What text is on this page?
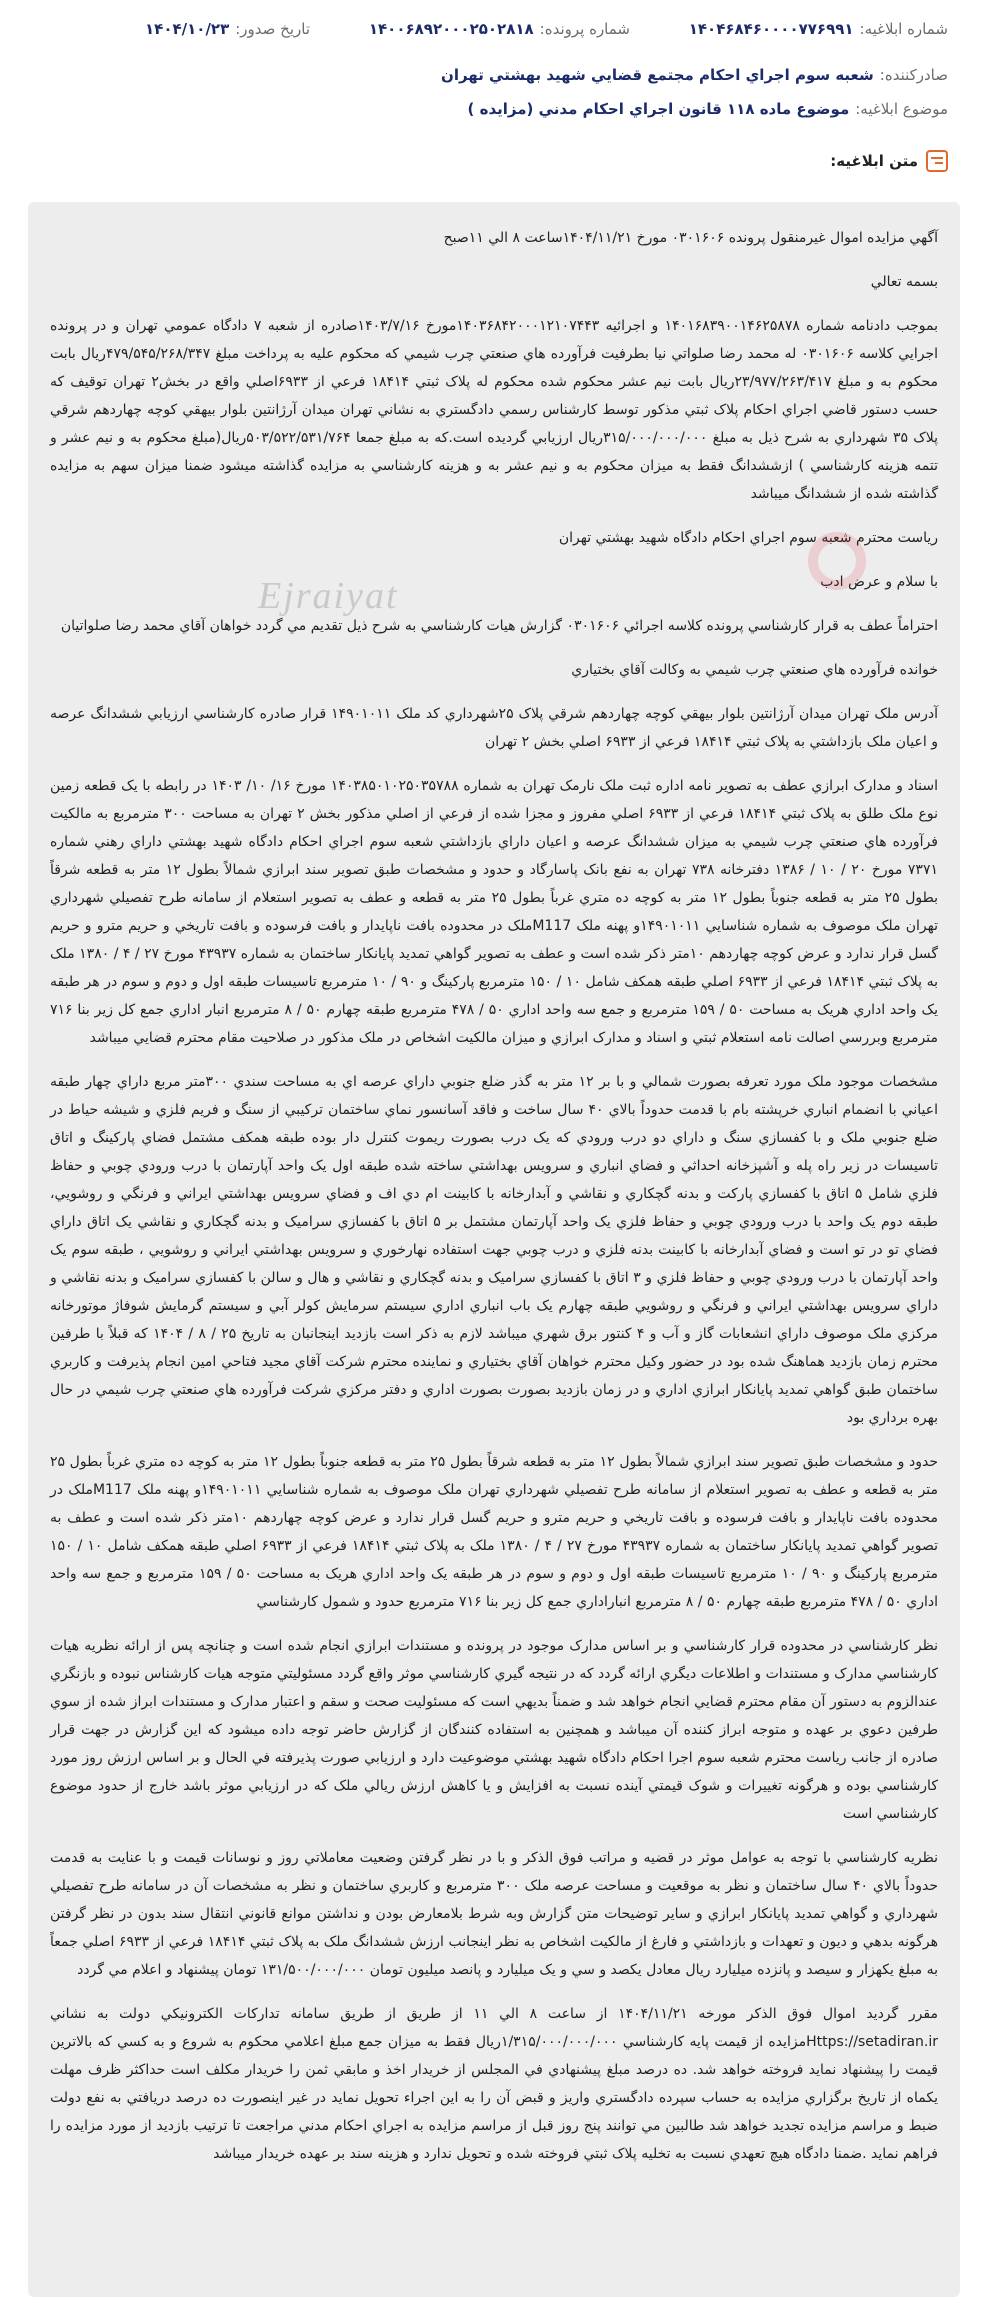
شماره ابلاغيه:
۱۴۰۴۶۸۴۶۰۰۰۰۷۷۶۹۹۱
شماره پرونده:
۱۴۰۰۶۸۹۲۰۰۰۲۵۰۲۸۱۸
تاريخ صدور:
۱۴۰۴/۱۰/۲۳
صادرکننده:
شعبه سوم اجراي احکام مجتمع قضايي شهيد بهشتي تهران
موضوع ابلاغيه:
موضوع ماده ۱۱۸ قانون اجراي احکام مدني (مزايده )
متن ابلاغيه:
Ejraiyat

آگهي مزايده اموال غيرمنقول پرونده ۰۳۰۱۶۰۶ مورخ ۱۴۰۴/۱۱/۲۱ساعت ۸ الي ۱۱صبح

بسمه تعالي

بموجب دادنامه شماره ۱۴۰۱۶۸۳۹۰۰۱۴۶۲۵۸۷۸ و اجرائيه ۱۴۰۳۶۸۴۲۰۰۰۱۲۱۰۷۴۴۳مورخ ۱۴۰۳/۷/۱۶صادره از شعبه ۷ دادگاه عمومي تهران و در پرونده اجرايي کلاسه ۰۳۰۱۶۰۶ له محمد رضا صلواتي نيا بطرفيت فرآورده هاي صنعتي چرب شيمي که محکوم عليه به پرداخت مبلغ ۴۷۹/۵۴۵/۲۶۸/۳۴۷ريال بابت محکوم به و مبلغ ۲۳/۹۷۷/۲۶۳/۴۱۷ريال بابت نيم عشر محکوم شده محکوم له پلاک ثبتي ۱۸۴۱۴ فرعي از ۶۹۳۳اصلي واقع در بخش۲ تهران توقيف که حسب دستور قاضي اجراي احکام پلاک ثبتي مذکور توسط کارشناس رسمي دادگستري به نشاني تهران ميدان آرژانتين بلوار بيهقي کوچه چهاردهم شرقي پلاک ۳۵ شهرداري به شرح ذيل به مبلغ ۳۱۵/۰۰۰/۰۰۰/۰۰۰ريال ارزيابي گرديده است.که به مبلغ جمعا ۵۰۳/۵۲۲/۵۳۱/۷۶۴ريال(مبلغ محکوم به و نيم عشر و تتمه هزينه کارشناسي ) ازششدانگ فقط به ميزان محکوم به و نيم عشر به و هزينه کارشناسي به مزايده گذاشته ميشود ضمنا ميزان سهم به مزايده گذاشته شده از ششدانگ ميباشد

رياست محترم شعبه سوم اجراي احکام دادگاه شهيد بهشتي تهران

با سلام و عرض ادب

احتراماً عطف به قرار کارشناسي پرونده کلاسه اجرائي ۰۳۰۱۶۰۶ گزارش هيات کارشناسي به شرح ذيل تقديم مي گردد خواهان آقاي محمد رضا صلواتيان

خوانده فرآورده هاي صنعتي چرب شيمي به وکالت آقاي بختياري

آدرس ملک تهران ميدان آرژانتين بلوار بيهقي کوچه چهاردهم شرقي پلاک ۲۵شهرداري کد ملک ۱۴۹۰۱۰۱۱ قرار صادره کارشناسي ارزيابي ششدانگ عرصه و اعيان ملک بازداشتي به پلاک ثبتي ۱۸۴۱۴ فرعي از ۶۹۳۳ اصلي بخش ۲ تهران

اسناد و مدارک ابرازي عطف به تصوير نامه اداره ثبت ملک نارمک تهران به شماره ۱۴۰۳۸۵۰۱۰۲۵۰۳۵۷۸۸ مورخ ۱۶/ ۱۰/ ۱۴۰۳ در رابطه با يک قطعه زمين نوع ملک طلق به پلاک ثبتي ۱۸۴۱۴ فرعي از ۶۹۳۳ اصلي مفروز و مجزا شده از فرعي از اصلي مذکور بخش ۲ تهران به مساحت ۳۰۰ مترمربع به مالکيت فرآورده هاي صنعتي چرب شيمي به ميزان ششدانگ عرصه و اعيان داراي بازداشتي شعبه سوم اجراي احکام دادگاه شهيد بهشتي داراي رهني شماره ۷۳۷۱ مورخ ۲۰ / ۱۰ / ۱۳۸۶ دفترخانه ۷۳۸ تهران به نفع بانک پاسارگاد و حدود و مشخصات طبق تصوير سند ابرازي شمالاً بطول ۱۲ متر به قطعه شرقاً بطول ۲۵ متر به قطعه جنوباً بطول ۱۲ متر به کوچه ده متري غرباً بطول ۲۵ متر به قطعه و عطف به تصوير استعلام از سامانه طرح تفصيلي شهرداري تهران ملک موصوف به شماره شناسايي ۱۴۹۰۱۰۱۱و پهنه ملک M117ملک در محدوده بافت ناپايدار و بافت فرسوده و بافت تاريخي و حريم مترو و حريم گسل قرار ندارد و عرض کوچه چهاردهم ۱۰متر ذکر شده است و عطف به تصوير گواهي تمديد پايانکار ساختمان به شماره ۴۳۹۳۷ مورخ ۲۷ / ۴ / ۱۳۸۰ ملک به پلاک ثبتي ۱۸۴۱۴ فرعي از ۶۹۳۳ اصلي طبقه همکف شامل ۱۰ / ۱۵۰ مترمربع پارکينگ و ۹۰ / ۱۰ مترمربع تاسيسات طبقه اول و دوم و سوم در هر طبقه يک واحد اداري هريک به مساحت ۵۰ / ۱۵۹ مترمربع و جمع سه واحد اداري ۵۰ / ۴۷۸ مترمربع طبقه چهارم ۵۰ / ۸ مترمربع انبار اداري جمع کل زير بنا ۷۱۶ مترمربع وبررسي اصالت نامه استعلام ثبتي و اسناد و مدارک ابرازي و ميزان مالکيت اشخاص در ملک مذکور در صلاحيت مقام محترم قضايي ميباشد

مشخصات موجود ملک مورد تعرفه بصورت شمالي و با بر ۱۲ متر به گذر ضلع جنوبي داراي عرصه اي به مساحت سندي ۳۰۰متر مربع داراي چهار طبقه اعياني با انضمام انباري خرپشته بام با قدمت حدوداً بالاي ۴۰ سال ساخت و فاقد آسانسور نماي ساختمان ترکيبي از سنگ و فريم فلزي و شيشه حياط در ضلع جنوبي ملک و با کفسازي سنگ و داراي دو درب ورودي که يک درب بصورت ريموت کنترل دار بوده طبقه همکف مشتمل فضاي پارکينگ و اتاق تاسيسات در زير راه پله و آشپزخانه احداثي و فضاي انباري و سرويس بهداشتي ساخته شده طبقه اول يک واحد آپارتمان با درب ورودي چوبي و حفاظ فلزي شامل ۵ اتاق با کفسازي پارکت و بدنه گچکاري و نقاشي و آبدارخانه با کابينت ام دي اف و فضاي سرويس بهداشتي ايراني و فرنگي و روشويي، طبقه دوم يک واحد با درب ورودي چوبي و حفاظ فلزي يک واحد آپارتمان مشتمل بر ۵ اتاق با کفسازي سراميک و بدنه گچکاري و نقاشي يک اتاق داراي فضاي تو در تو است و فضاي آبدارخانه با کابينت بدنه فلزي و درب چوبي جهت استفاده نهارخوري و سرويس بهداشتي ايراني و روشويي ، طبقه سوم يک واحد آپارتمان با درب ورودي چوبي و حفاظ فلزي و ۳ اتاق با کفسازي سراميک و بدنه گچکاري و نقاشي و هال و سالن با کفسازي سراميک و بدنه نقاشي و داراي سرويس بهداشتي ايراني و فرنگي و روشويي طبقه چهارم يک باب انباري اداري سيستم سرمايش کولر آبي و سيستم گرمايش شوفاژ موتورخانه مرکزي ملک موصوف داراي انشعابات گاز و آب و ۴ کنتور برق شهري ميباشد لازم به ذکر است بازديد اينجانبان به تاريخ ۲۵ / ۸ / ۱۴۰۴ که قبلاً با طرفين محترم زمان بازديد هماهنگ شده بود در حضور وکيل محترم خواهان آقاي بختياري و نماينده محترم شرکت آقاي مجيد فتاحي امين انجام پذيرفت و کاربري ساختمان طبق گواهي تمديد پايانکار ابرازي اداري و در زمان بازديد بصورت بصورت اداري و دفتر مرکزي شرکت فرآورده هاي صنعتي چرب شيمي در حال بهره برداري بود

حدود و مشخصات طبق تصوير سند ابرازي شمالاً بطول ۱۲ متر به قطعه شرقاً بطول ۲۵ متر به قطعه جنوباً بطول ۱۲ متر به کوچه ده متري غرباً بطول ۲۵ متر به قطعه و عطف به تصوير استعلام از سامانه طرح تفصيلي شهرداري تهران ملک موصوف به شماره شناسايي ۱۴۹۰۱۰۱۱و پهنه ملک M117ملک در محدوده بافت ناپايدار و بافت فرسوده و بافت تاريخي و حريم مترو و حريم گسل قرار ندارد و عرض کوچه چهاردهم ۱۰متر ذکر شده است و عطف به تصوير گواهي تمديد پايانکار ساختمان به شماره ۴۳۹۳۷ مورخ ۲۷ / ۴ / ۱۳۸۰ ملک به پلاک ثبتي ۱۸۴۱۴ فرعي از ۶۹۳۳ اصلي طبقه همکف شامل ۱۰ / ۱۵۰ مترمربع پارکينگ و ۹۰ / ۱۰ مترمربع تاسيسات طبقه اول و دوم و سوم در هر طبقه يک واحد اداري هريک به مساحت ۵۰ / ۱۵۹ مترمربع و جمع سه واحد اداري ۵۰ / ۴۷۸ مترمربع طبقه چهارم ۵۰ / ۸ مترمربع انباراداري جمع کل زير بنا ۷۱۶ مترمربع حدود و شمول کارشناسي

نظر کارشناسي در محدوده قرار کارشناسي و بر اساس مدارک موجود در پرونده و مستندات ابرازي انجام شده است و چنانچه پس از ارائه نظريه هيات کارشناسي مدارک و مستندات و اطلاعات ديگري ارائه گردد که در نتيجه گيري کارشناسي موثر واقع گردد مسئوليتي متوجه هيات کارشناس نبوده و بازنگري عندالزوم به دستور آن مقام محترم قضايي انجام خواهد شد و ضمناً بديهي است که مسئوليت صحت و سقم و اعتبار مدارک و مستندات ابراز شده از سوي طرفين دعوي بر عهده و متوجه ابراز کننده آن ميباشد و همچنين به استفاده کنندگان از گزارش حاضر توجه داده ميشود که اين گزارش در جهت قرار صادره از جانب رياست محترم شعبه سوم اجرا احکام دادگاه شهيد بهشتي موضوعيت دارد و ارزيابي صورت پذيرفته في الحال و بر اساس ارزش روز مورد کارشناسي بوده و هرگونه تغييرات و شوک قيمتي آينده نسبت به افزايش و يا کاهش ارزش ريالي ملک که در ارزيابي موثر باشد خارج از حدود موضوع کارشناسي است

نظريه کارشناسي با توجه به عوامل موثر در قضيه و مراتب فوق الذکر و با در نظر گرفتن وضعيت معاملاتي روز و نوسانات قيمت و با عنايت به قدمت حدوداً بالاي ۴۰ سال ساختمان و نظر به موقعيت و مساحت عرصه ملک ۳۰۰ مترمربع و کاربري ساختمان و نظر به مشخصات آن در سامانه طرح تفصيلي شهرداري و گواهي تمديد پايانکار ابرازي و ساير توضيحات متن گزارش وبه شرط بلامعارض بودن و نداشتن موانع قانوني انتقال سند بدون در نظر گرفتن هرگونه بدهي و ديون و تعهدات و بازداشتي و فارغ از مالکيت اشخاص به نظر اينجانب ارزش ششدانگ ملک به پلاک ثبتي ۱۸۴۱۴ فرعي از ۶۹۳۳ اصلي جمعاً به مبلغ يکهزار و سيصد و پانزده ميليارد ريال معادل يکصد و سي و يک ميليارد و پانصد ميليون تومان ۱۳۱/۵۰۰/۰۰۰/۰۰۰ تومان پيشنهاد و اعلام مي گردد

مقرر گرديد اموال فوق الذکر مورخه ۱۴۰۴/۱۱/۲۱ از ساعت ۸ الي ۱۱ از طريق از طريق سامانه تدارکات الکترونيکي دولت به نشاني Https://setadiran.irمزايده از قيمت پايه کارشناسي ۱/۳۱۵/۰۰۰/۰۰۰/۰۰۰ريال فقط به ميزان جمع مبلغ اعلامي محکوم به شروع و به کسي که بالاترين قيمت را پيشنهاد نمايد فروخته خواهد شد. ده درصد مبلغ پيشنهادي في المجلس از خريدار اخذ و مابقي ثمن را خريدار مکلف است حداکثر ظرف مهلت يکماه از تاريخ برگزاري مزايده به حساب سپرده دادگستري واريز و قبض آن را به اين اجراء تحويل نمايد در غير اينصورت ده درصد دريافتي به نفع دولت ضبط و مراسم مزايده تجديد خواهد شد طالبين مي توانند پنج روز قبل از مراسم مزايده به اجراي احکام مدني مراجعت تا ترتيب بازديد از مورد مزايده را فراهم نمايد .ضمنا دادگاه هيچ تعهدي نسبت به تخليه پلاک ثبتي فروخته شده و تحويل ندارد و هزينه سند بر عهده خريدار ميباشد
